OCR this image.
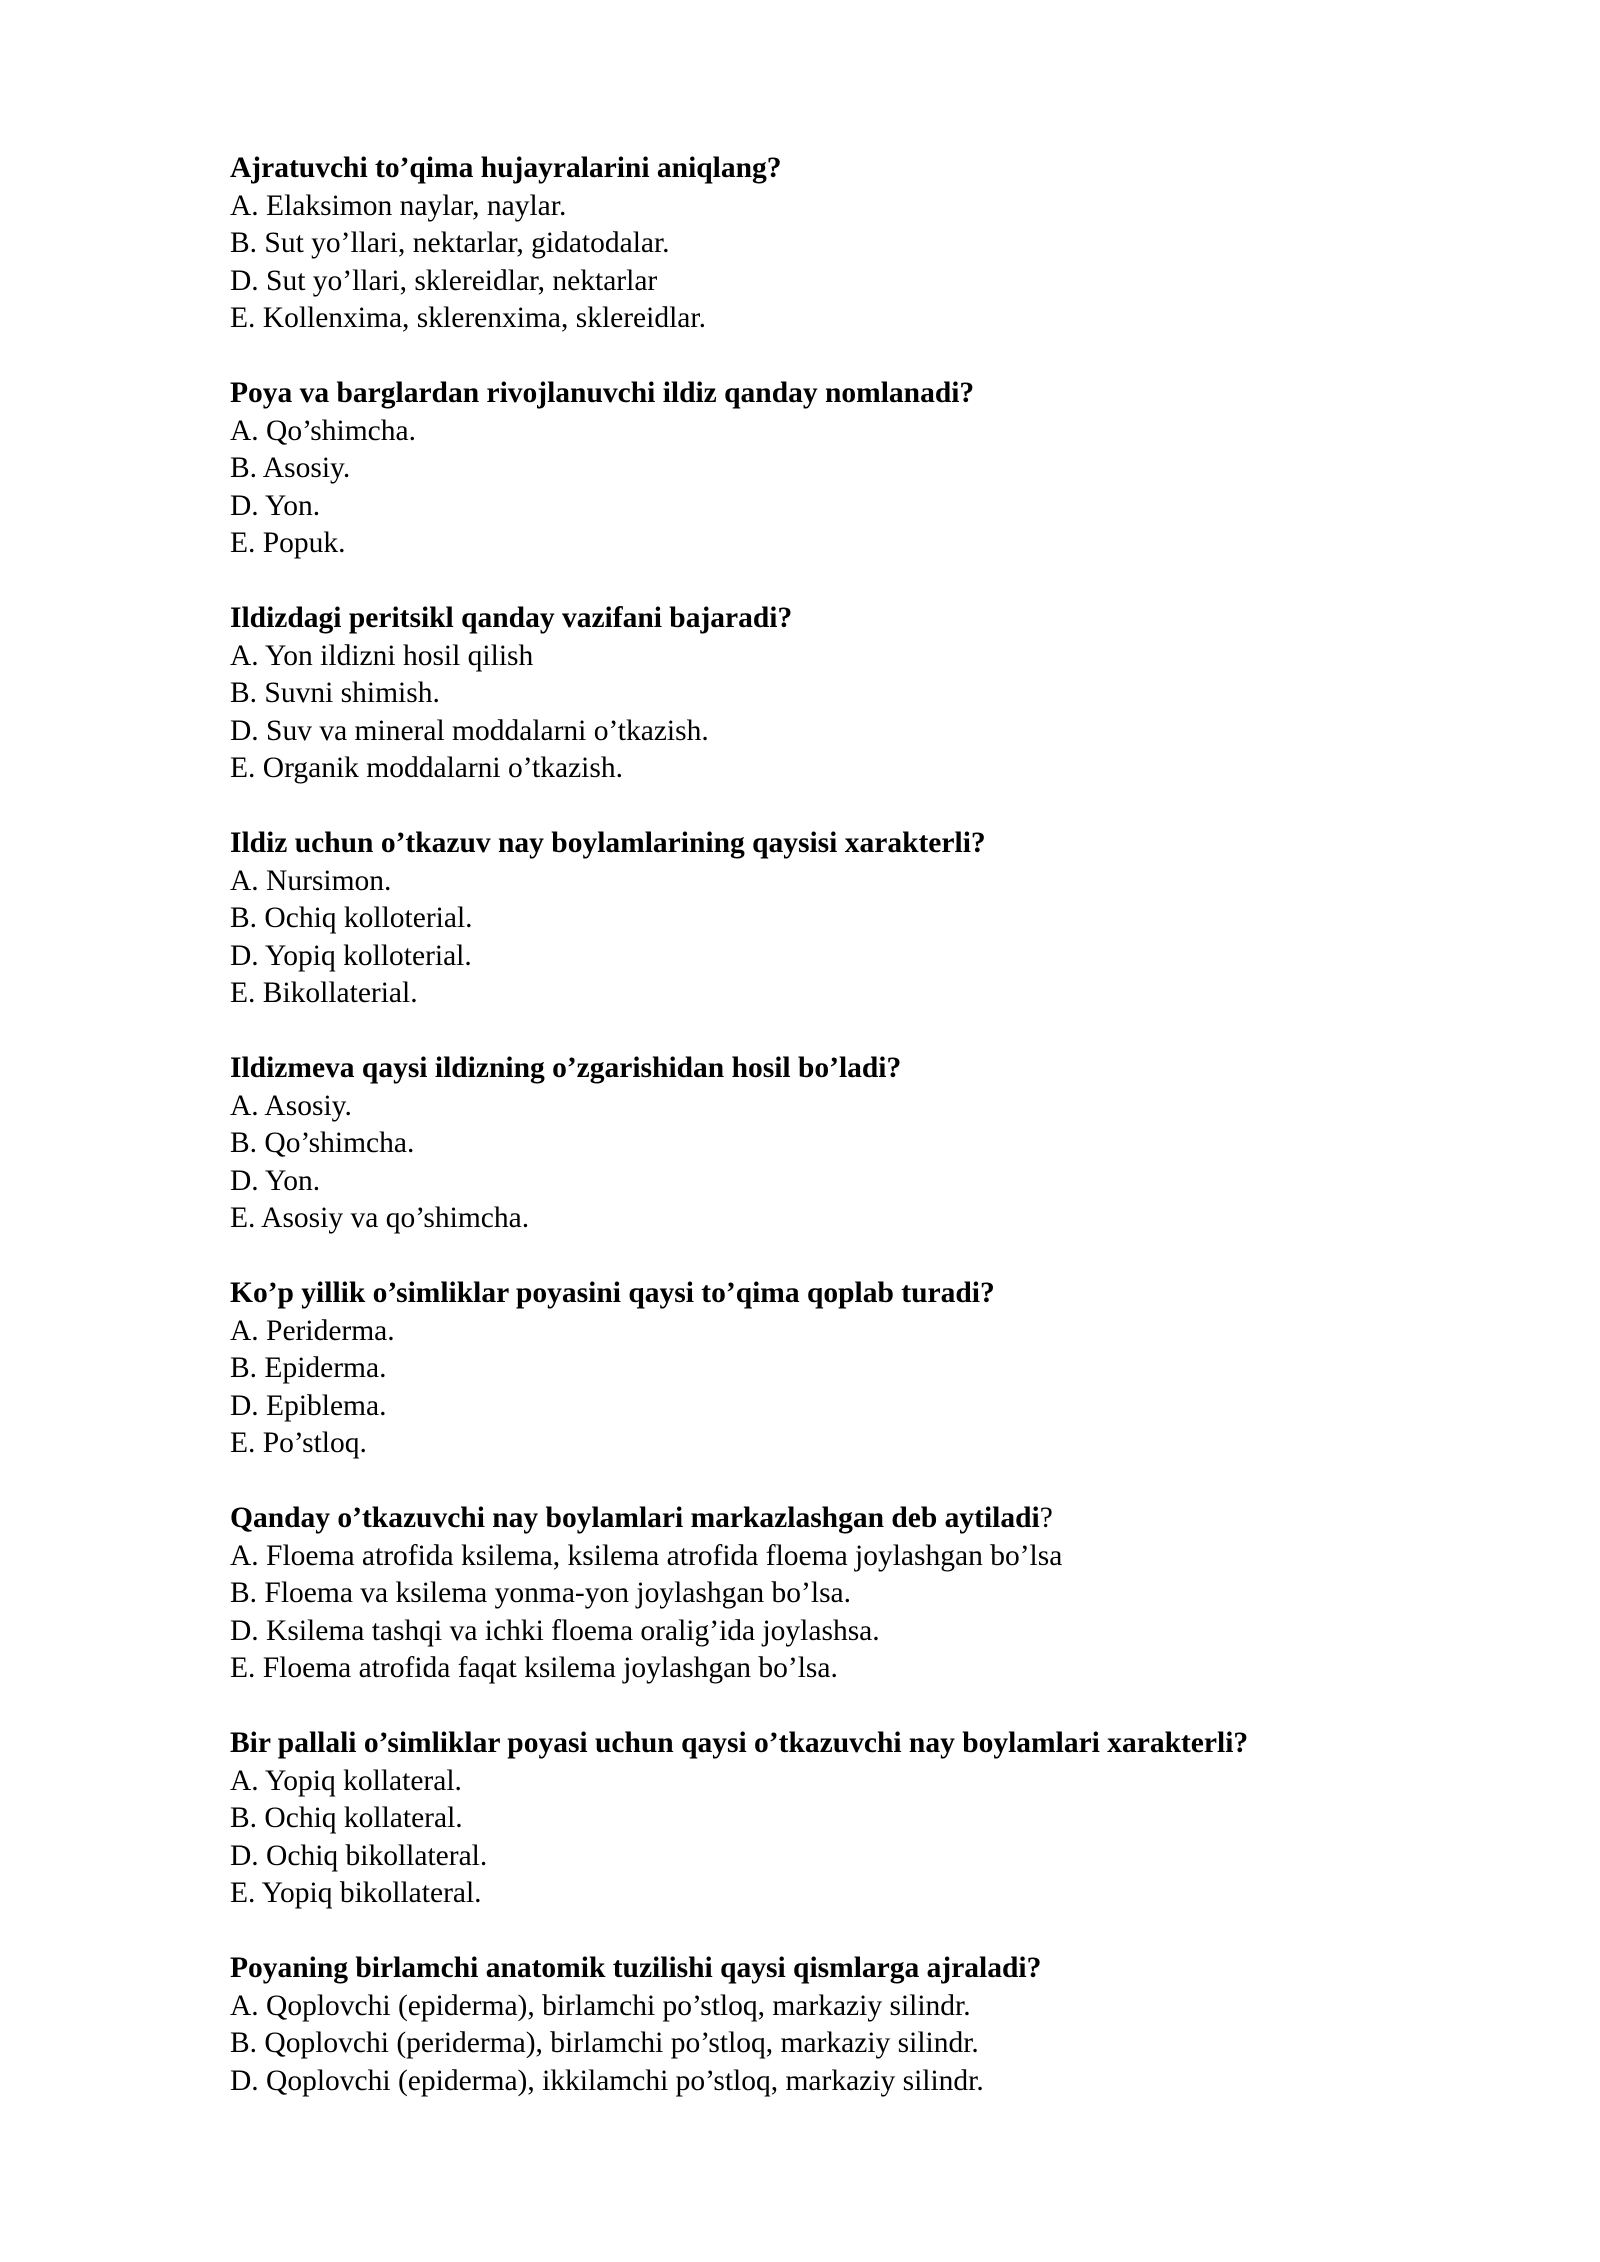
Ajratuvchi to’qima hujayralarini aniqlang?
A. Elaksimon naylar, naylar.
B. Sut yo’llari, nektarlar, gidatodalar.
D. Sut yo’llari, sklereidlar, nektarlar
E. Kollenxima, sklerenxima, sklereidlar.
Poya va barglardan rivojlanuvchi ildiz qanday nomlanadi?
A. Qo’shimcha.
B. Asosiy.
D. Yon.
E. Popuk.
Ildizdagi peritsikl qanday vazifani bajaradi?
A. Yon ildizni hosil qilish
B. Suvni shimish.
D. Suv va mineral moddalarni o’tkazish.
E. Organik moddalarni o’tkazish.
Ildiz uchun o’tkazuv nay boylamlarining qaysisi xarakterli?
A. Nursimon.
B. Ochiq kolloterial.
D. Yopiq kolloterial.
E. Bikollaterial.
Ildizmeva qaysi ildizning o’zgarishidan hosil bo’ladi?
A. Asosiy.
B. Qo’shimcha.
D. Yon.
E. Asosiy va qo’shimcha.
Ko’p yillik o’simliklar poyasini qaysi to’qima qoplab turadi?
A. Periderma.
B. Epiderma.
D. Epiblema.
E. Po’stloq.
Qanday o’tkazuvchi nay boylamlari markazlashgan deb aytiladi?
A. Floema atrofida ksilema, ksilema atrofida floema joylashgan bo’lsa
B. Floema va ksilema yonma-yon joylashgan bo’lsa.
D. Ksilema tashqi va ichki floema oralig’ida joylashsa.
E. Floema atrofida faqat ksilema joylashgan bo’lsa.
Bir pallali o’simliklar poyasi uchun qaysi o’tkazuvchi nay boylamlari xarakterli?
A. Yopiq kollateral.
B. Ochiq kollateral.
D. Ochiq bikollateral.
E. Yopiq bikollateral.
Poyaning birlamchi anatomik tuzilishi qaysi qismlarga ajraladi?
A. Qoplovchi (epiderma), birlamchi po’stloq, markaziy silindr.
B. Qoplovchi (periderma), birlamchi po’stloq, markaziy silindr.
D. Qoplovchi (epiderma), ikkilamchi po’stloq, markaziy silindr.
